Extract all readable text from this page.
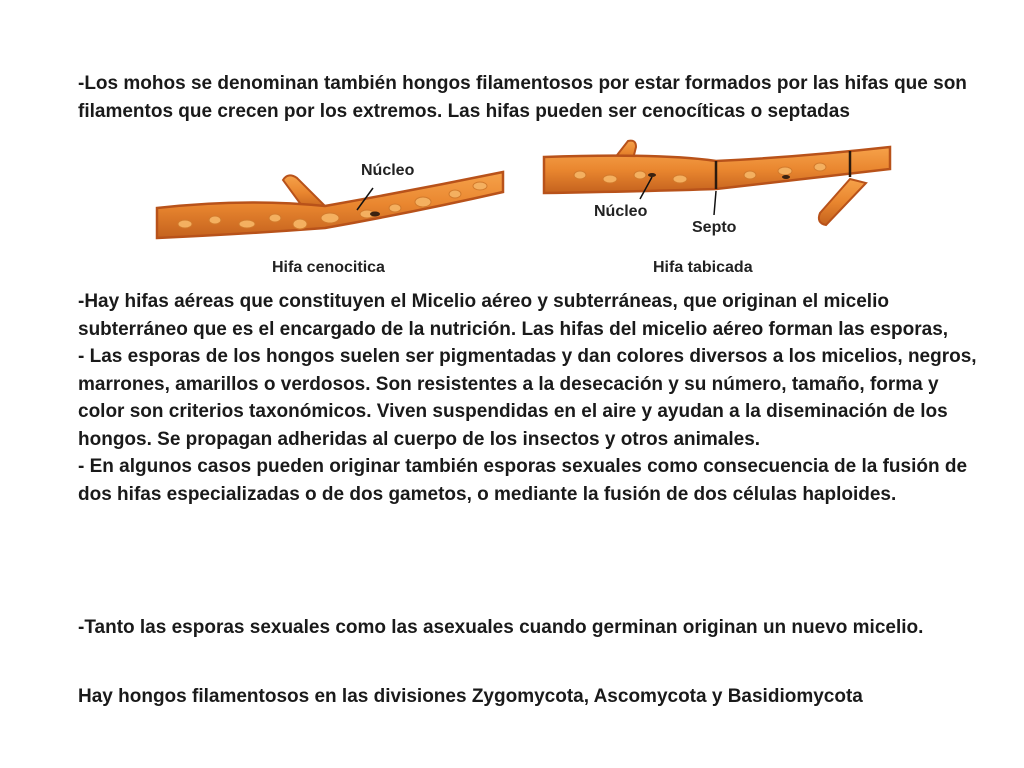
-Los mohos se denominan también hongos filamentosos por estar formados por las hifas que son filamentos que crecen por los extremos. Las hifas pueden ser cenocíticas o septadas

Núcleo
Hifa cenocitica
Núcleo
Septo
Hifa tabicada

-Hay hifas aéreas que constituyen el Micelio aéreo y subterráneas, que originan el micelio subterráneo que es el encargado de la nutrición. Las hifas del micelio aéreo forman las esporas,
- Las esporas de los hongos suelen ser pigmentadas y dan colores diversos a los micelios, negros, marrones, amarillos o verdosos. Son resistentes a la desecación y su número, tamaño, forma y color son criterios taxonómicos. Viven suspendidas en el aire y ayudan a la diseminación de los hongos. Se propagan adheridas al cuerpo de los insectos y otros animales.
- En algunos casos pueden originar también esporas sexuales como consecuencia de la fusión de dos hifas especializadas o de dos gametos, o mediante la fusión de dos células haploides.

-Tanto las esporas sexuales como las asexuales cuando germinan originan un nuevo micelio.

Hay hongos filamentosos en las divisiones Zygomycota, Ascomycota y Basidiomycota
